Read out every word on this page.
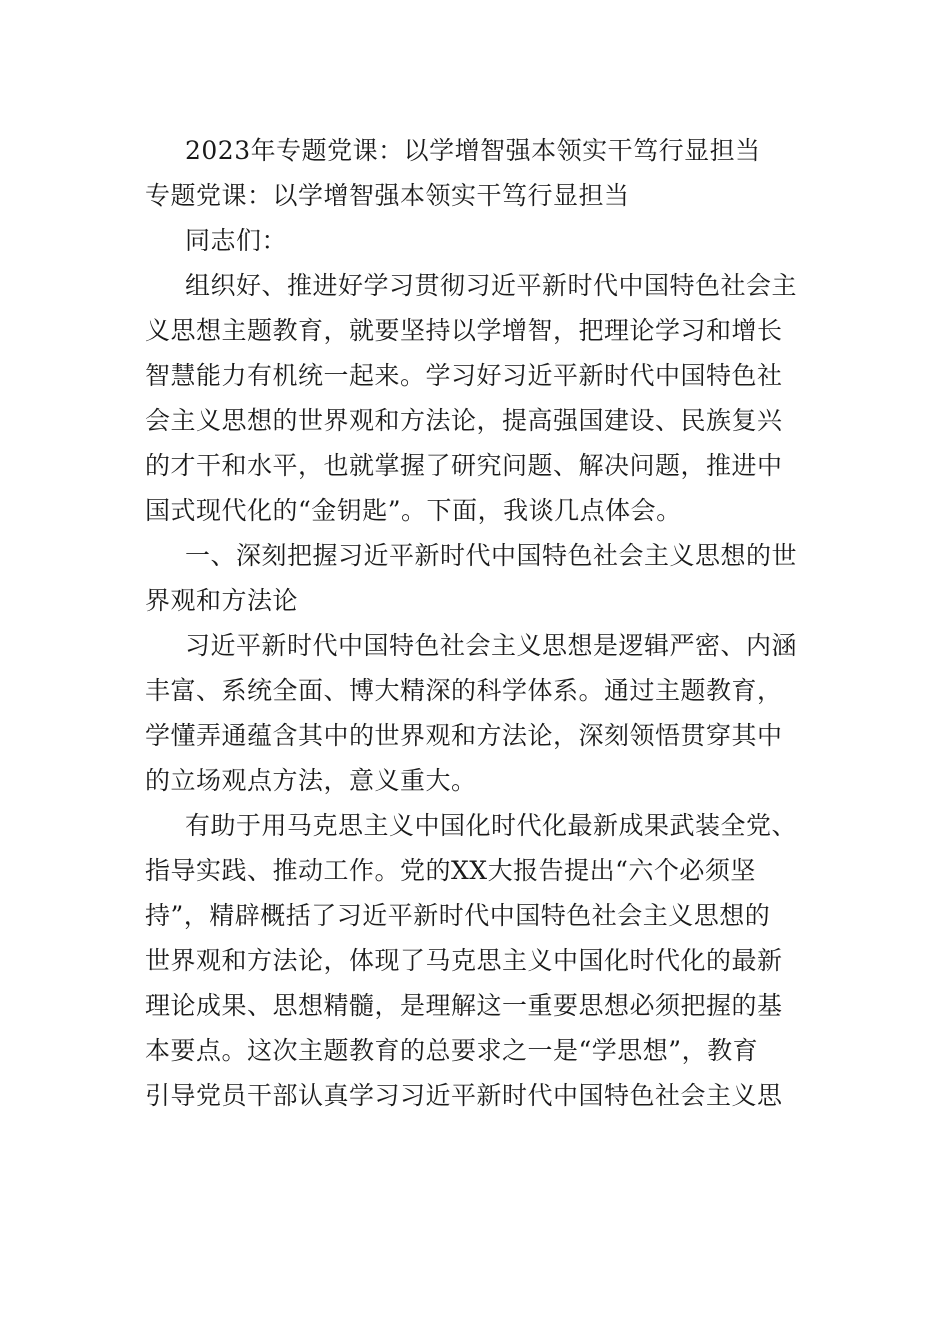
2023年专题党课：以学增智强本领实干笃行显担当
专题党课：以学增智强本领实干笃行显担当
同志们：
组织好、推进好学习贯彻习近平新时代中国特色社会主
义思想主题教育，就要坚持以学增智，把理论学习和增长
智慧能力有机统一起来。学习好习近平新时代中国特色社
会主义思想的世界观和方法论，提高强国建设、民族复兴
的才干和水平，也就掌握了研究问题、解决问题，推进中
国式现代化的“金钥匙”。下面，我谈几点体会。
一、深刻把握习近平新时代中国特色社会主义思想的世
界观和方法论
习近平新时代中国特色社会主义思想是逻辑严密、内涵
丰富、系统全面、博大精深的科学体系。通过主题教育，
学懂弄通蕴含其中的世界观和方法论，深刻领悟贯穿其中
的立场观点方法，意义重大。
有助于用马克思主义中国化时代化最新成果武装全党、
指导实践、推动工作。党的XX大报告提出“六个必须坚
持”，精辟概括了习近平新时代中国特色社会主义思想的
世界观和方法论，体现了马克思主义中国化时代化的最新
理论成果、思想精髓，是理解这一重要思想必须把握的基
本要点。这次主题教育的总要求之一是“学思想”，教育
引导党员干部认真学习习近平新时代中国特色社会主义思
